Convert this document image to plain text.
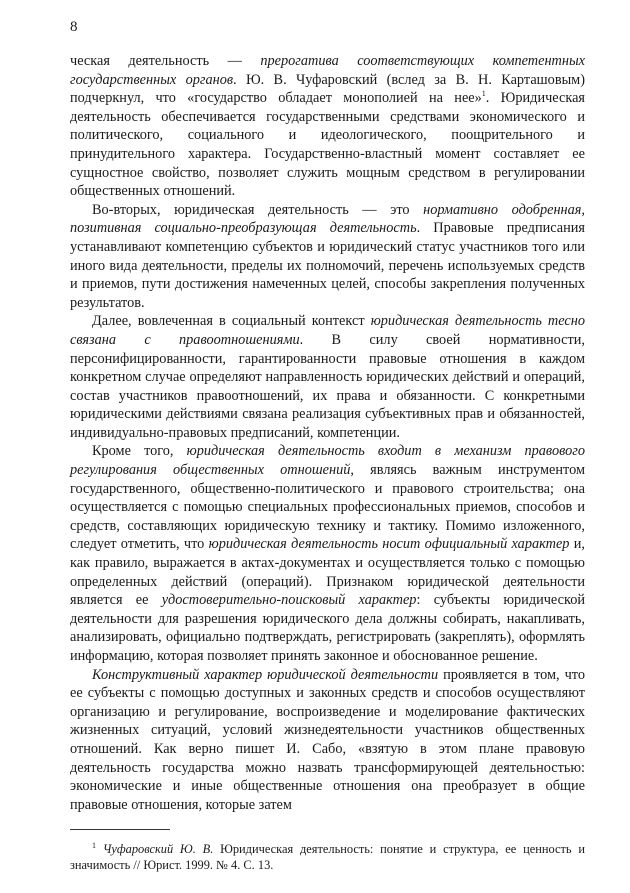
8

ческая деятельность — прерогатива соответствующих компетентных государственных органов. Ю. В. Чуфаровский (вслед за В. Н. Карташовым) подчеркнул, что «государство обладает монополией на нее»$^1$. Юридическая деятельность обеспечивается государственными средствами экономического и политического, социального и идеологического, поощрительного и принудительного характера. Государственно-властный момент составляет ее сущностное свойство, позволяет служить мощным средством в регулировании общественных отношений.

Во-вторых, юридическая деятельность — это нормативно одобренная, позитивная социально-преобразующая деятельность. Правовые предписания устанавливают компетенцию субъектов и юридический статус участников того или иного вида деятельности, пределы их полномочий, перечень используемых средств и приемов, пути достижения намеченных целей, способы закрепления полученных результатов.

Далее, вовлеченная в социальный контекст юридическая деятельность тесно связана с правоотношениями. В силу своей нормативности, персонифицированности, гарантированности правовые отношения в каждом конкретном случае определяют направленность юридических действий и операций, состав участников правоотношений, их права и обязанности. С конкретными юридическими действиями связана реализация субъективных прав и обязанностей, индивидуально-правовых предписаний, компетенции.

Кроме того, юридическая деятельность входит в механизм правового регулирования общественных отношений, являясь важным инструментом государственного, общественно-политического и правового строительства; она осуществляется с помощью специальных профессиональных приемов, способов и средств, составляющих юридическую технику и тактику. Помимо изложенного, следует отметить, что юридическая деятельность носит официальный характер и, как правило, выражается в актах-документах и осуществляется только с помощью определенных действий (операций). Признаком юридической деятельности является ее удостоверительно-поисковый характер: субъекты юридической деятельности для разрешения юридического дела должны собирать, накапливать, анализировать, официально подтверждать, регистрировать (закреплять), оформлять информацию, которая позволяет принять законное и обоснованное решение.

Конструктивный характер юридической деятельности проявляется в том, что ее субъекты с помощью доступных и законных средств и способов осуществляют организацию и регулирование, воспроизведение и моделирование фактических жизненных ситуаций, условий жизнедеятельности участников общественных отношений. Как верно пишет И. Сабо, «взятую в этом плане правовую деятельность государства можно назвать трансформирующей деятельностью: экономические и иные общественные отношения она преобразует в общие правовые отношения, которые затем

$^1$ Чуфаровский Ю. В. Юридическая деятельность: понятие и структура, ее ценность и значимость // Юрист. 1999. № 4. С. 13.
